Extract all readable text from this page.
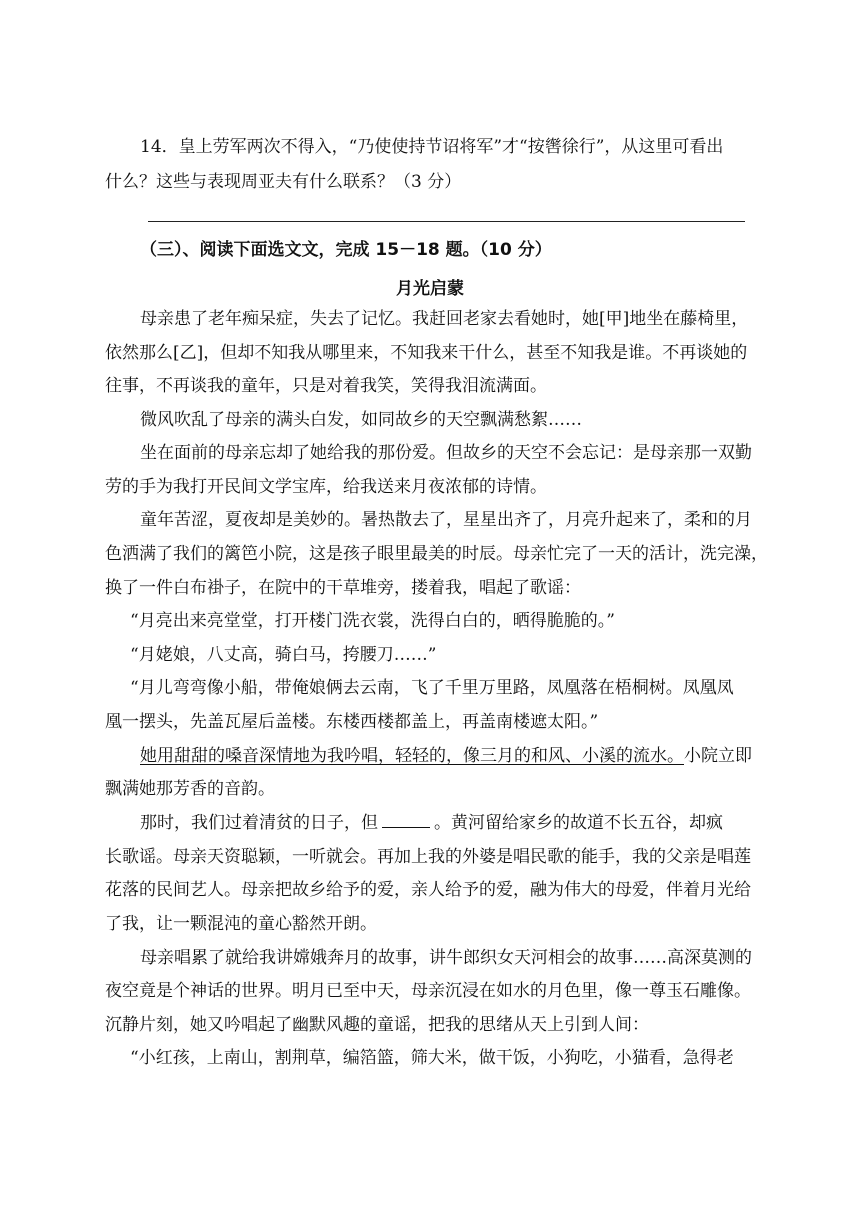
14．皇上劳军两次不得入，“乃使使持节诏将军”才“按辔徐行”，从这里可看出
什么？这些与表现周亚夫有什么联系？（3 分）
（三）、阅读下面选文文，完成 15－18 题。（10 分）
月光启蒙
母亲患了老年痴呆症，失去了记忆。我赶回老家去看她时，她[甲]地坐在藤椅里，
依然那么[乙]，但却不知我从哪里来，不知我来干什么，甚至不知我是谁。不再谈她的
往事，不再谈我的童年，只是对着我笑，笑得我泪流满面。
微风吹乱了母亲的满头白发，如同故乡的天空飘满愁絮……
坐在面前的母亲忘却了她给我的那份爱。但故乡的天空不会忘记：是母亲那一双勤
劳的手为我打开民间文学宝库，给我送来月夜浓郁的诗情。
童年苦涩，夏夜却是美妙的。暑热散去了，星星出齐了，月亮升起来了，柔和的月
色洒满了我们的篱笆小院，这是孩子眼里最美的时辰。母亲忙完了一天的活计，洗完澡，
换了一件白布褂子，在院中的干草堆旁，搂着我，唱起了歌谣：
“月亮出来亮堂堂，打开楼门洗衣裳，洗得白白的，晒得脆脆的。”
“月姥娘，八丈高，骑白马，挎腰刀……”
“月儿弯弯像小船，带俺娘俩去云南，飞了千里万里路，凤凰落在梧桐树。凤凰凤
凰一摆头，先盖瓦屋后盖楼。东楼西楼都盖上，再盖南楼遮太阳。”
她用甜甜的嗓音深情地为我吟唱，轻轻的，像三月的和风、小溪的流水。小院立即
飘满她那芳香的音韵。
那时，我们过着清贫的日子，但	。黄河留给家乡的故道不长五谷，却疯
长歌谣。母亲天资聪颖，一听就会。再加上我的外婆是唱民歌的能手，我的父亲是唱莲
花落的民间艺人。母亲把故乡给予的爱，亲人给予的爱，融为伟大的母爱，伴着月光给
了我，让一颗混沌的童心豁然开朗。
母亲唱累了就给我讲嫦娥奔月的故事，讲牛郎织女天河相会的故事……高深莫测的
夜空竟是个神话的世界。明月已至中天，母亲沉浸在如水的月色里，像一尊玉石雕像。
沉静片刻，她又吟唱起了幽默风趣的童谣，把我的思绪从天上引到人间：
“小红孩，上南山，割荆草，编箔篮，筛大米，做干饭，小狗吃，小猫看，急得老
